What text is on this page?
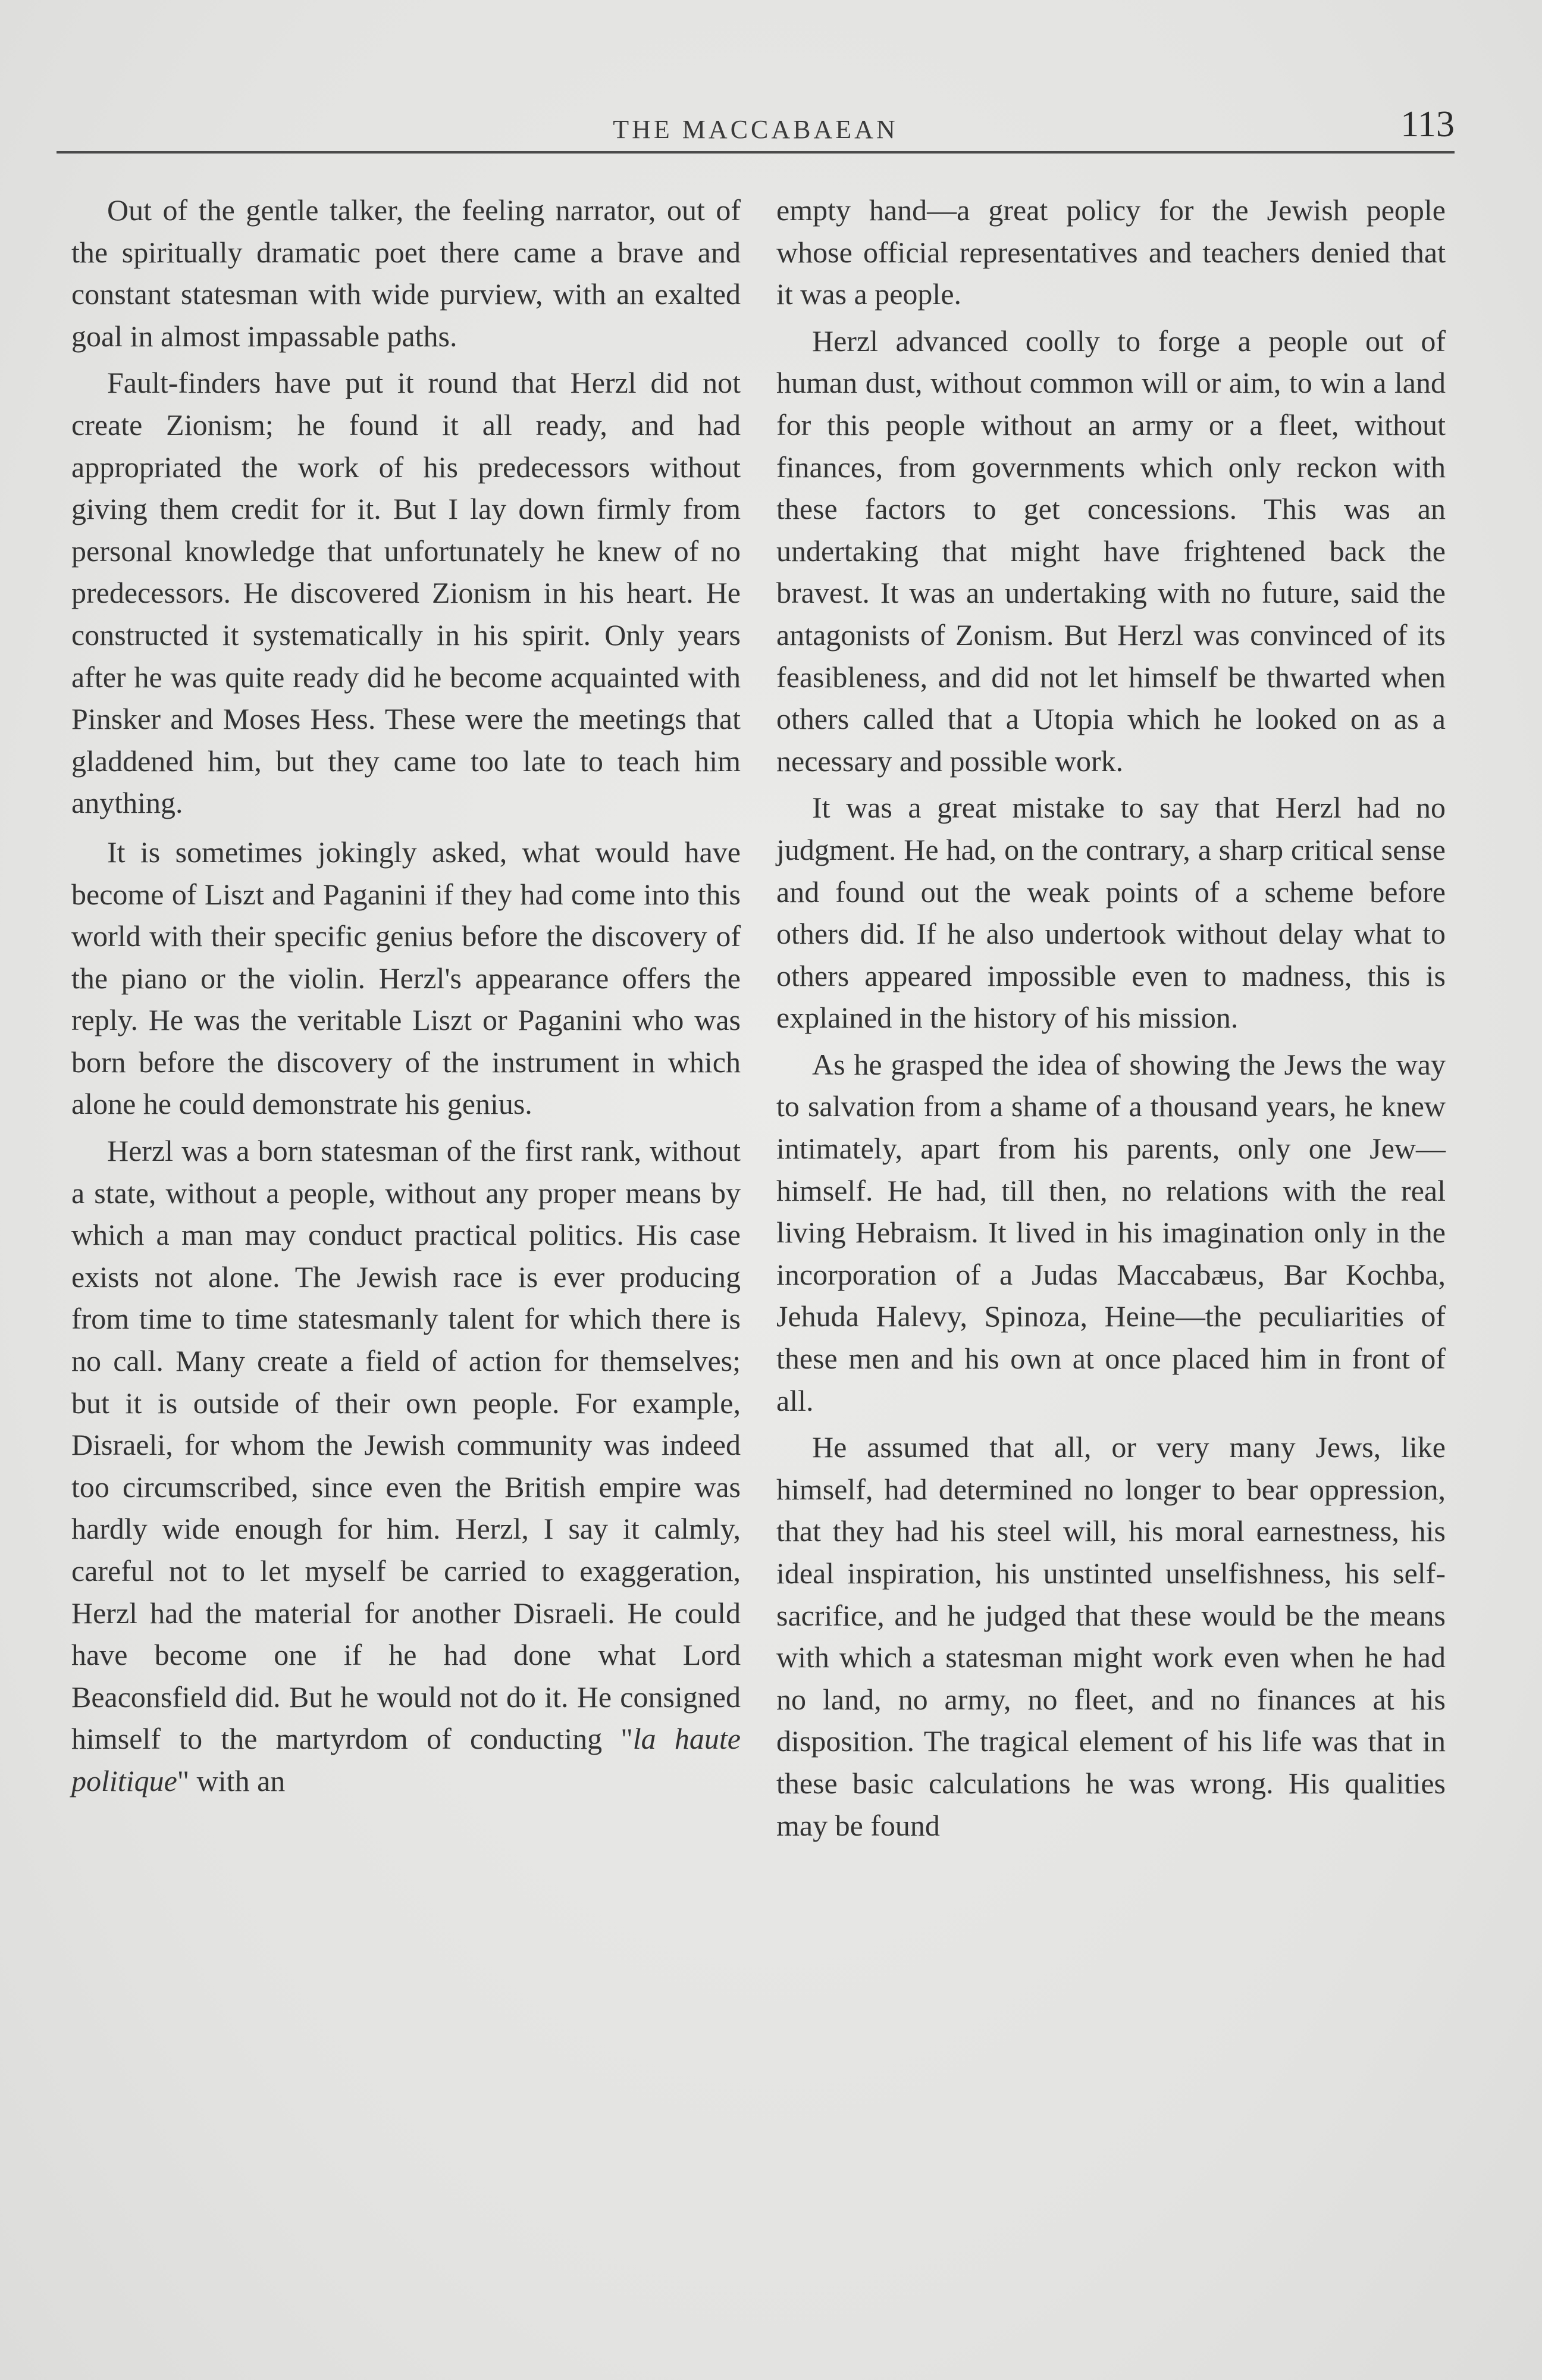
THE MACCABAEAN	113

Out of the gentle talker, the feeling narrator, out of the spiritually dramatic poet there came a brave and constant statesman with wide purview, with an exalted goal in almost impassable paths.

Fault-finders have put it round that Herzl did not create Zionism; he found it all ready, and had appropriated the work of his predecessors without giving them credit for it. But I lay down firmly from personal knowledge that unfortunately he knew of no predecessors. He discovered Zionism in his heart. He constructed it systematically in his spirit. Only years after he was quite ready did he become acquainted with Pinsker and Moses Hess. These were the meetings that gladdened him, but they came too late to teach him anything.

It is sometimes jokingly asked, what would have become of Liszt and Paganini if they had come into this world with their specific genius before the discovery of the piano or the violin. Herzl's appearance offers the reply. He was the veritable Liszt or Paganini who was born before the discovery of the instrument in which alone he could demonstrate his genius.

Herzl was a born statesman of the first rank, without a state, without a people, without any proper means by which a man may conduct practical politics. His case exists not alone. The Jewish race is ever producing from time to time statesmanly talent for which there is no call. Many create a field of action for themselves; but it is outside of their own people. For example, Disraeli, for whom the Jewish community was indeed too circumscribed, since even the British empire was hardly wide enough for him. Herzl, I say it calmly, careful not to let myself be carried to exaggeration, Herzl had the material for another Disraeli. He could have become one if he had done what Lord Beaconsfield did. But he would not do it. He consigned himself to the martyrdom of conducting "la haute politique" with an

empty hand—a great policy for the Jewish people whose official representatives and teachers denied that it was a people.

Herzl advanced coolly to forge a people out of human dust, without common will or aim, to win a land for this people without an army or a fleet, without finances, from governments which only reckon with these factors to get concessions. This was an undertaking that might have frightened back the bravest. It was an undertaking with no future, said the antagonists of Zonism. But Herzl was convinced of its feasibleness, and did not let himself be thwarted when others called that a Utopia which he looked on as a necessary and possible work.

It was a great mistake to say that Herzl had no judgment. He had, on the contrary, a sharp critical sense and found out the weak points of a scheme before others did. If he also undertook without delay what to others appeared impossible even to madness, this is explained in the history of his mission.

As he grasped the idea of showing the Jews the way to salvation from a shame of a thousand years, he knew intimately, apart from his parents, only one Jew—himself. He had, till then, no relations with the real living Hebraism. It lived in his imagination only in the incorporation of a Judas Maccabæus, Bar Kochba, Jehuda Halevy, Spinoza, Heine—the peculiarities of these men and his own at once placed him in front of all.

He assumed that all, or very many Jews, like himself, had determined no longer to bear oppression, that they had his steel will, his moral earnestness, his ideal inspiration, his unstinted unselfishness, his self-sacrifice, and he judged that these would be the means with which a statesman might work even when he had no land, no army, no fleet, and no finances at his disposition. The tragical element of his life was that in these basic calculations he was wrong. His qualities may be found
